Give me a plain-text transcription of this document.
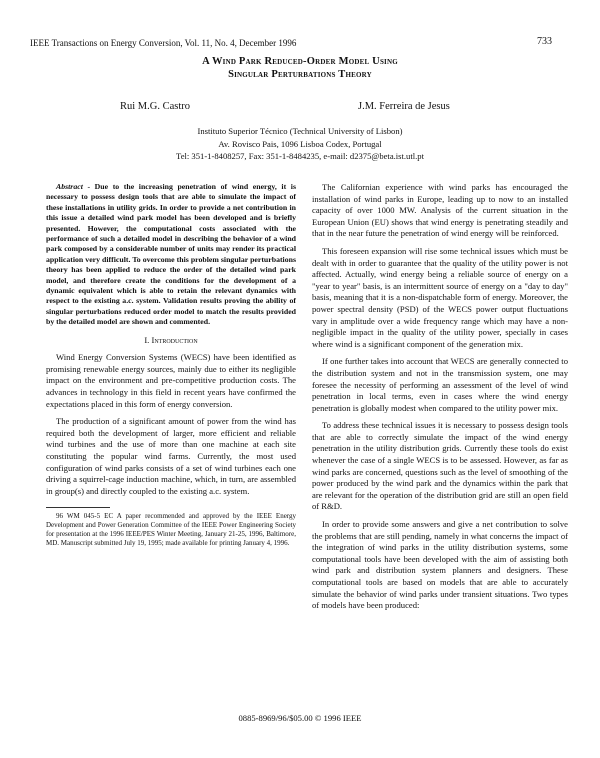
IEEE Transactions on Energy Conversion, Vol. 11, No. 4, December 1996	733
A Wind Park Reduced-Order Model Using
Singular Perturbations Theory
Rui M.G. Castro	J.M. Ferreira de Jesus
Instituto Superior Técnico (Technical University of Lisbon)
Av. Rovisco Pais, 1096 Lisboa Codex, Portugal
Tel: 351-1-8408257, Fax: 351-1-8484235, e-mail: d2375@beta.ist.utl.pt

Abstract - Due to the increasing penetration of wind energy, it is necessary to possess design tools that are able to simulate the impact of these installations in utility grids. In order to provide a net contribution in this issue a detailed wind park model has been developed and is briefly presented. However, the computational costs associated with the performance of such a detailed model in describing the behavior of a wind park composed by a considerable number of units may render its practical application very difficult. To overcome this problem singular perturbations theory has been applied to reduce the order of the detailed wind park model, and therefore create the conditions for the development of a dynamic equivalent which is able to retain the relevant dynamics with respect to the existing a.c. system. Validation results proving the ability of singular perturbations reduced order model to match the results provided by the detailed model are shown and commented.

I. Introduction

Wind Energy Conversion Systems (WECS) have been identified as promising renewable energy sources, mainly due to either its negligible impact on the environment and pre-competitive production costs. The advances in technology in this field in recent years have confirmed the expectations placed in this form of energy conversion.

The production of a significant amount of power from the wind has required both the development of larger, more efficient and reliable wind turbines and the use of more than one machine at each site constituting the popular wind farms. Currently, the most used configuration of wind parks consists of a set of wind turbines each one driving a squirrel-cage induction machine, which, in turn, are assembled in group(s) and directly coupled to the existing a.c. system.

96 WM 045-5 EC A paper recommended and approved by the IEEE Energy Development and Power Generation Committee of the IEEE Power Engineering Society for presentation at the 1996 IEEE/PES Winter Meeting, January 21-25, 1996, Baltimore, MD. Manuscript submitted July 19, 1995; made available for printing January 4, 1996.

The Californian experience with wind parks has encouraged the installation of wind parks in Europe, leading up to now to an installed capacity of over 1000 MW. Analysis of the current situation in the European Union (EU) shows that wind energy is penetrating steadily and that in the near future the penetration of wind energy will be reinforced.

This foreseen expansion will rise some technical issues which must be dealt with in order to guarantee that the quality of the utility power is not affected. Actually, wind energy being a reliable source of energy on a "year to year" basis, is an intermittent source of energy on a "day to day" basis, meaning that it is a non-dispatchable form of energy. Moreover, the power spectral density (PSD) of the WECS power output fluctuations vary in amplitude over a wide frequency range which may have a non-negligible impact in the quality of the utility power, specially in cases where wind is a significant component of the generation mix.

If one further takes into account that WECS are generally connected to the distribution system and not in the transmission system, one may foresee the necessity of performing an assessment of the level of wind penetration in local terms, even in cases where the wind energy penetration is globally modest when compared to the utility power mix.

To address these technical issues it is necessary to possess design tools that are able to correctly simulate the impact of the wind energy penetration in the utility distribution grids. Currently these tools do exist whenever the case of a single WECS is to be assessed. However, as far as wind parks are concerned, questions such as the level of smoothing of the power produced by the wind park and the dynamics within the park that are relevant for the operation of the distribution grid are still an open field of R&D.

In order to provide some answers and give a net contribution to solve the problems that are still pending, namely in what concerns the impact of the integration of wind parks in the utility distribution systems, some computational tools have been developed with the aim of assisting both wind park and distribution system planners and designers. These computational tools are based on models that are able to accurately simulate the behavior of wind parks under transient situations. Two types of models have been produced:

0885-8969/96/$05.00 © 1996 IEEE
